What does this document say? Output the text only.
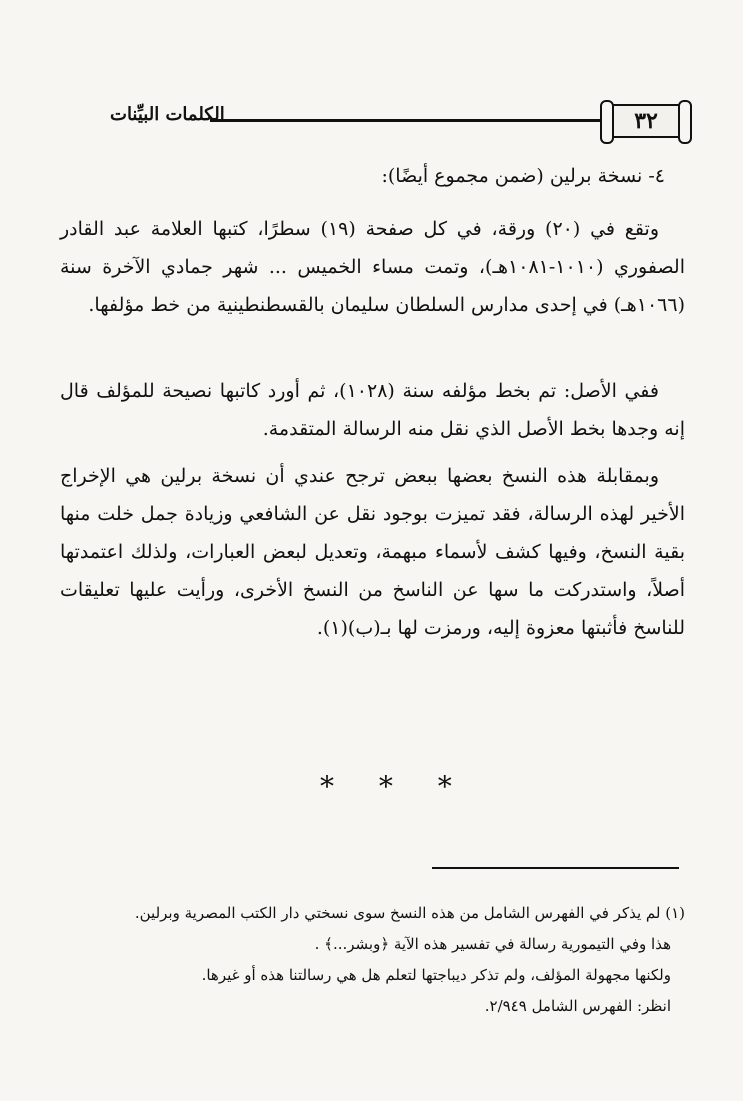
٣٢
الكلمات البيِّنات
٤- نسخة برلين (ضمن مجموع أيضًا):
وتقع في (٢٠) ورقة، في كل صفحة (١٩) سطرًا، كتبها العلامة عبد القادر الصفوري (١٠١٠-١٠٨١هـ)، وتمت مساء الخميس ... شهر جمادي الآخرة سنة (١٠٦٦هـ) في إحدى مدارس السلطان سليمان بالقسطنطينية من خط مؤلفها.
ففي الأصل: تم بخط مؤلفه سنة (١٠٢٨)، ثم أورد كاتبها نصيحة للمؤلف قال إنه وجدها بخط الأصل الذي نقل منه الرسالة المتقدمة.
وبمقابلة هذه النسخ بعضها ببعض ترجح عندي أن نسخة برلين هي الإخراج الأخير لهذه الرسالة، فقد تميزت بوجود نقل عن الشافعي وزيادة جمل خلت منها بقية النسخ، وفيها كشف لأسماء مبهمة، وتعديل لبعض العبارات، ولذلك اعتمدتها أصلاً، واستدركت ما سها عن الناسخ من النسخ الأخرى، ورأيت عليها تعليقات للناسخ فأثبتها معزوة إليه، ورمزت لها بـ(ب)(١).
* * *

(١) لم يذكر في الفهرس الشامل من هذه النسخ سوى نسختي دار الكتب المصرية وبرلين.

هذا وفي التيمورية رسالة في تفسير هذه الآية ﴿وبشر...﴾ .

ولكنها مجهولة المؤلف، ولم تذكر ديباجتها لتعلم هل هي رسالتنا هذه أو غيرها.

انظر: الفهرس الشامل ٢/٩٤٩.
